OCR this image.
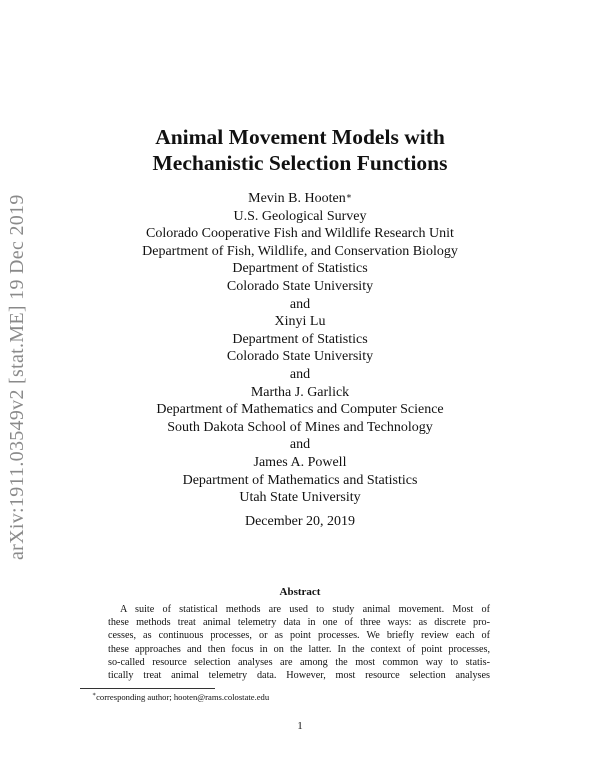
arXiv:1911.03549v2 [stat.ME] 19 Dec 2019
Animal Movement Models with
Mechanistic Selection Functions
Mevin B. Hooten∗
U.S. Geological Survey
Colorado Cooperative Fish and Wildlife Research Unit
Department of Fish, Wildlife, and Conservation Biology
Department of Statistics
Colorado State University
and
Xinyi Lu
Department of Statistics
Colorado State University
and
Martha J. Garlick
Department of Mathematics and Computer Science
South Dakota School of Mines and Technology
and
James A. Powell
Department of Mathematics and Statistics
Utah State University
December 20, 2019
Abstract
A suite of statistical methods are used to study animal movement. Most of
these methods treat animal telemetry data in one of three ways: as discrete pro-
cesses, as continuous processes, or as point processes. We briefly review each of
these approaches and then focus in on the latter. In the context of point processes,
so-called resource selection analyses are among the most common way to statis-
tically treat animal telemetry data. However, most resource selection analyses
∗corresponding author; hooten@rams.colostate.edu
1
